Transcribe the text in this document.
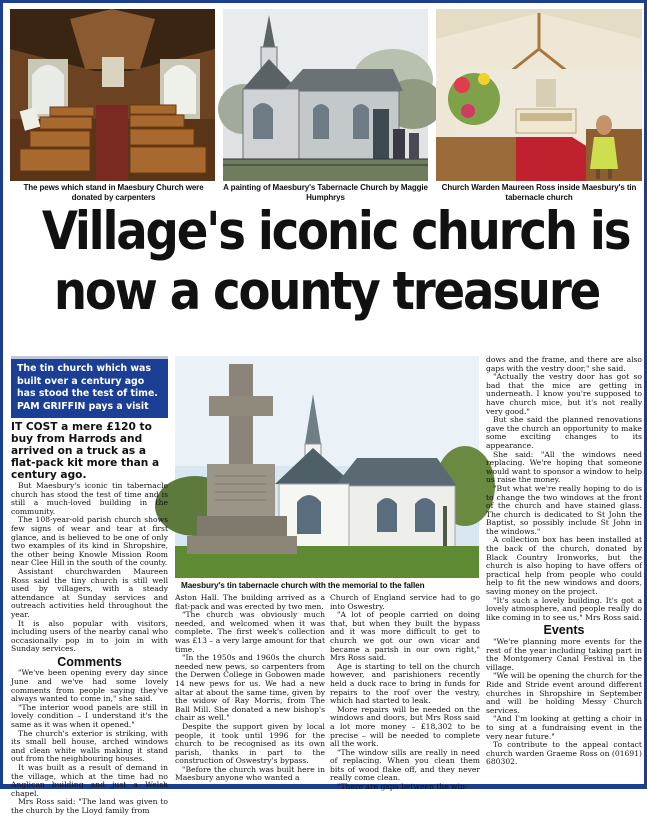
The pews which stand in Maesbury Church were donated by carpenters
A painting of Maesbury's Tabernacle Church by Maggie Humphrys
Church Warden Maureen Ross inside Maesbury's tin tabernacle church
Village's iconic church is
now a county treasure
The tin church which was built over a century ago has stood the test of time. PAM GRIFFIN pays a visit
Maesbury's tin tabernacle church with the memorial to the fallen
IT COST a mere £120 to buy from Harrods and arrived on a truck as a flat-pack kit more than a century ago.

But Maesbury's iconic tin tabernacle church has stood the test of time and is still a much-loved building in the community.

The 108-year-old parish church shows few signs of wear and tear at first glance, and is believed to be one of only two examples of its kind in Shropshire, the other being Knowle Mission Room near Clee Hill in the south of the county.

Assistant churchwarden Maureen Ross said the tiny church is still well used by villagers, with a steady attendance at Sunday services and outreach activities held throughout the year.

It is also popular with visitors, including users of the nearby canal who occasionally pop in to join in with Sunday services.

Comments

"We've been opening every day since June and we've had some lovely comments from people saying they've always wanted to come in," she said.

"The interior wood panels are still in lovely condition – I understand it's the same as it was when it opened."

The church's exterior is striking, with its small bell house, arched windows and clean white walls making it stand out from the neighbouring houses.

It was built as a result of demand in the village, which at the time had no Anglican building and just a Welsh chapel.

Mrs Ross said: "The land was given to the church by the Lloyd family from

Aston Hall. The building arrived as a flat-pack and was erected by two men.

"The church was obviously much needed, and welcomed when it was complete. The first week's collection was £13 – a very large amount for that time.

"In the 1950s and 1960s the church needed new pews, so carpenters from the Derwen College in Gobowen made 14 new pews for us. We had a new altar at about the same time, given by the widow of Ray Morris, from The Ball Mill. She donated a new bishop's chair as well."

Despite the support given by local people, it took until 1996 for the church to be recognised as its own parish, thanks in part to the construction of Oswestry's bypass.

"Before the church was built here in Maesbury anyone who wanted a

Church of England service had to go into Oswestry.

"A lot of people carried on doing that, but when they built the bypass and it was more difficult to get to church we got our own vicar and became a parish in our own right," Mrs Ross said.

Age is starting to tell on the church however, and parishioners recently held a duck race to bring in funds for repairs to the roof over the vestry, which had started to leak.

More repairs will be needed on the windows and doors, but Mrs Ross said a lot more money – £18,302 to be precise – will be needed to complete all the work.

"The window sills are really in need of replacing. When you clean them bits of wood flake off, and they never really come clean.

"There are gaps between the win-

dows and the frame, and there are also gaps with the vestry door," she said.

"Actually the vestry door has got so bad that the mice are getting in underneath. I know you're supposed to have church mice, but it's not really very good."

But she said the planned renovations gave the church an opportunity to make some exciting changes to its appearance.

She said: "All the windows need replacing. We're hoping that someone would want to sponsor a window to help us raise the money.

"But what we're really hoping to do is to change the two windows at the front of the church and have stained glass. The church is dedicated to St John the Baptist, so possibly include St John in the windows."

A collection box has been installed at the back of the church, donated by Black Country Ironworks, but the church is also hoping to have offers of practical help from people who could help to fit the new windows and doors, saving money on the project.

"It's such a lovely building. It's got a lovely atmosphere, and people really do like coming in to see us," Mrs Ross said.

Events

"We're planning more events for the rest of the year including taking part in the Montgomery Canal Festival in the village.

"We will be opening the church for the Ride and Stride event around different churches in Shropshire in September and will be holding Messy Church services.

"And I'm looking at getting a choir in to sing at a fundraising event in the very near future."

To contribute to the appeal contact church warden Graeme Ross on (01691) 680302.
